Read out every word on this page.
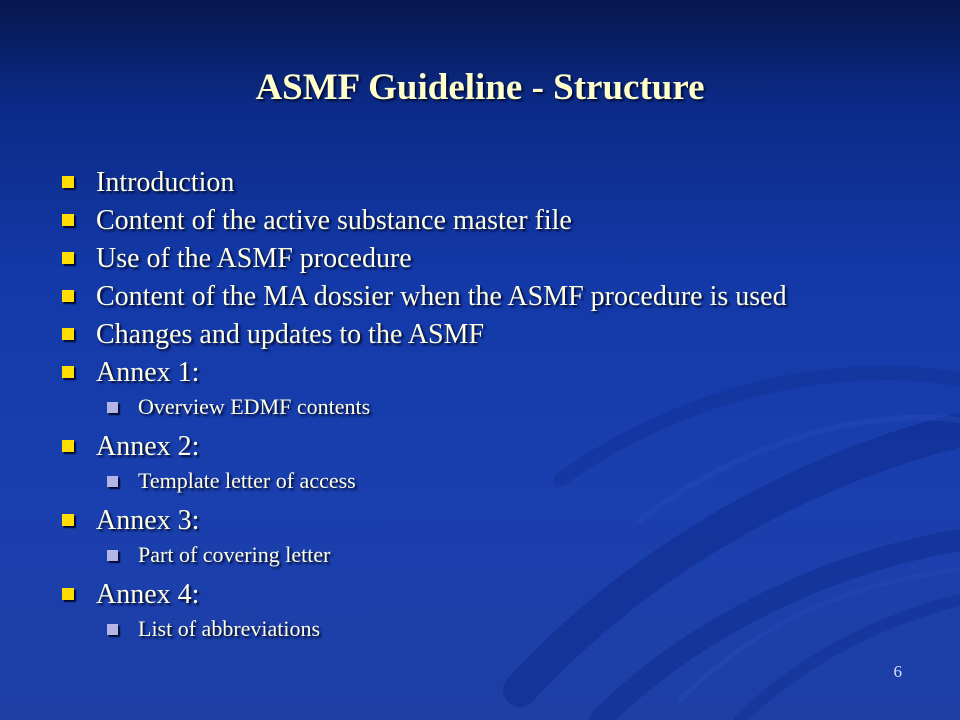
ASMF Guideline - Structure
Introduction
Content of the active substance master file
Use of the ASMF procedure
Content of the MA dossier when the ASMF procedure is used
Changes and updates to the ASMF
Annex 1:
Overview EDMF contents
Annex 2:
Template letter of access
Annex 3:
Part of covering letter
Annex 4:
List of abbreviations
6
